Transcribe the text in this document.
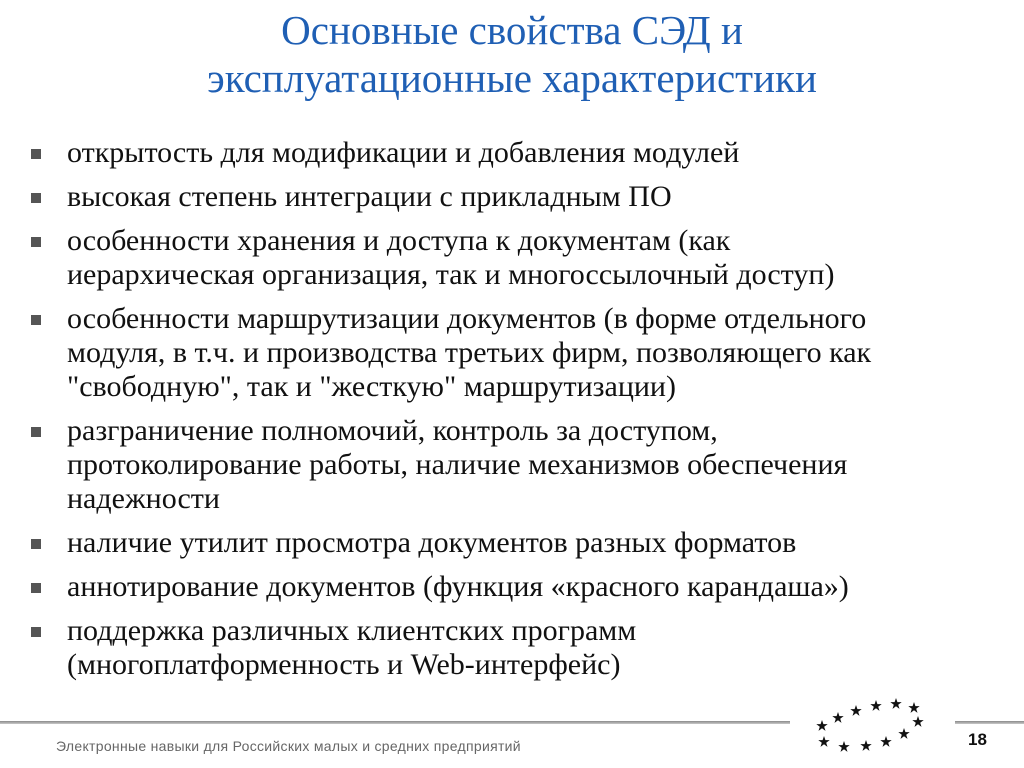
Основные свойства СЭД и
эксплуатационные характеристики
открытость для модификации и добавления модулей
высокая степень интеграции с прикладным ПО
особенности хранения и доступа к документам (как
иерархическая организация, так и многоссылочный доступ)
особенности маршрутизации документов (в форме отдельного
модуля, в т.ч. и производства третьих фирм, позволяющего как
"свободную", так и "жесткую" маршрутизации)
разграничение полномочий, контроль за доступом,
протоколирование работы, наличие механизмов обеспечения
надежности
наличие утилит просмотра документов разных форматов
аннотирование документов (функция «красного карандаша»)
поддержка различных клиентских программ
(многоплатформенность и Web-интерфейс)
Электронные навыки для Российских малых и средних предприятий	18
